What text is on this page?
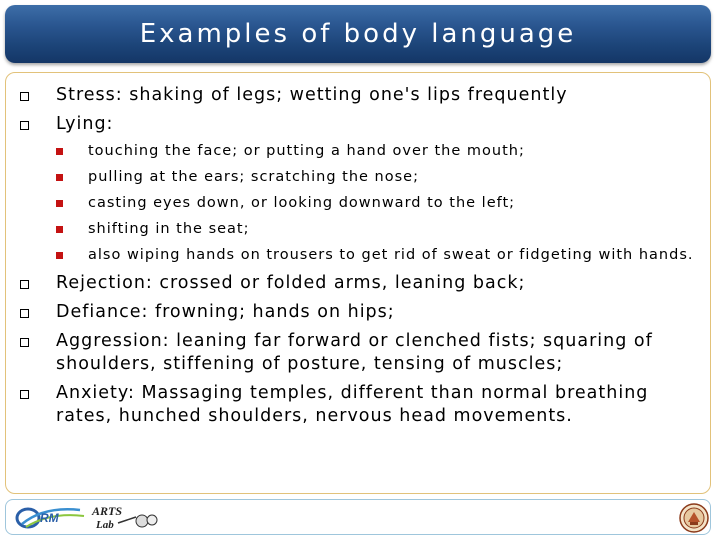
Examples of body language
Stress: shaking of legs; wetting one's lips frequently
Lying:
touching the face; or putting a hand over the mouth;
pulling at the ears; scratching the nose;
casting eyes down, or looking downward to the left;
shifting in the seat;
also wiping hands on trousers to get rid of sweat or fidgeting with hands.
Rejection: crossed or folded arms, leaning back;
Defiance: frowning; hands on hips;
Aggression: leaning far forward or clenched fists; squaring of shoulders, stiffening of posture, tensing of muscles;
Anxiety: Massaging temples, different than normal breathing rates, hunched shoulders, nervous head movements.
RM	ARTS
Lab
